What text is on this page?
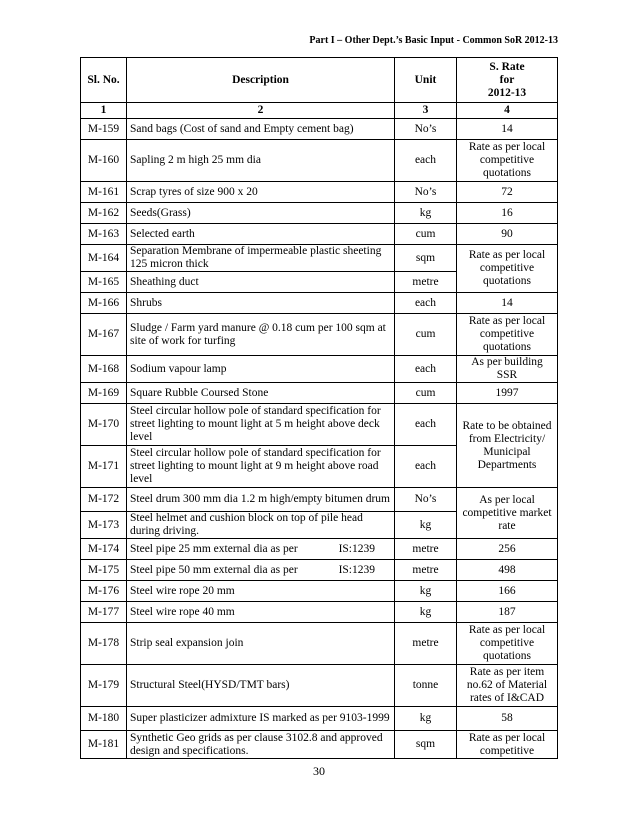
Part I – Other Dept.’s Basic Input - Common SoR 2012-13
Sl. No.	Description	Unit	S. Rate
for
2012-13
1	2	3	4
M-159	Sand bags (Cost of sand and Empty cement bag)	No’s	14
M-160	Sapling 2 m high 25 mm dia	each	Rate as per local competitive quotations
M-161	Scrap tyres of size 900 x 20	No’s	72
M-162	Seeds(Grass)	kg	16
M-163	Selected earth	cum	90
M-164	Separation Membrane of impermeable plastic sheeting 125 micron thick	sqm	Rate as per local competitive quotations
M-165	Sheathing duct	metre	
M-166	Shrubs	each	14
M-167	Sludge / Farm yard manure @ 0.18 cum per 100 sqm at site of work for turfing	cum	Rate as per local competitive quotations
M-168	Sodium vapour lamp	each	As per building SSR
M-169	Square Rubble Coursed Stone	cum	1997
M-170	Steel circular hollow pole of standard specification for street lighting to mount light at 5 m height above deck level	each	Rate to be obtained from Electricity/ Municipal Departments
M-171	Steel circular hollow pole of standard specification for street lighting to mount light at 9 m height above road level	each	
M-172	Steel drum 300 mm dia 1.2 m high/empty bitumen drum	No’s	As per local competitive market rate
M-173	Steel helmet and cushion block on top of pile head during driving.	kg	
M-174	Steel pipe 25 mm external dia as per IS:1239	metre	256
M-175	Steel pipe 50 mm external dia as per IS:1239	metre	498
M-176	Steel wire rope 20 mm	kg	166
M-177	Steel wire rope 40 mm	kg	187
M-178	Strip seal expansion join	metre	Rate as per local competitive quotations
M-179	Structural Steel(HYSD/TMT bars)	tonne	Rate as per item no.62 of Material rates of I&CAD
M-180	Super plasticizer admixture IS marked as per 9103-1999	kg	58
M-181	Synthetic Geo grids as per clause 3102.8 and approved design and specifications.	sqm	Rate as per local competitive
30
